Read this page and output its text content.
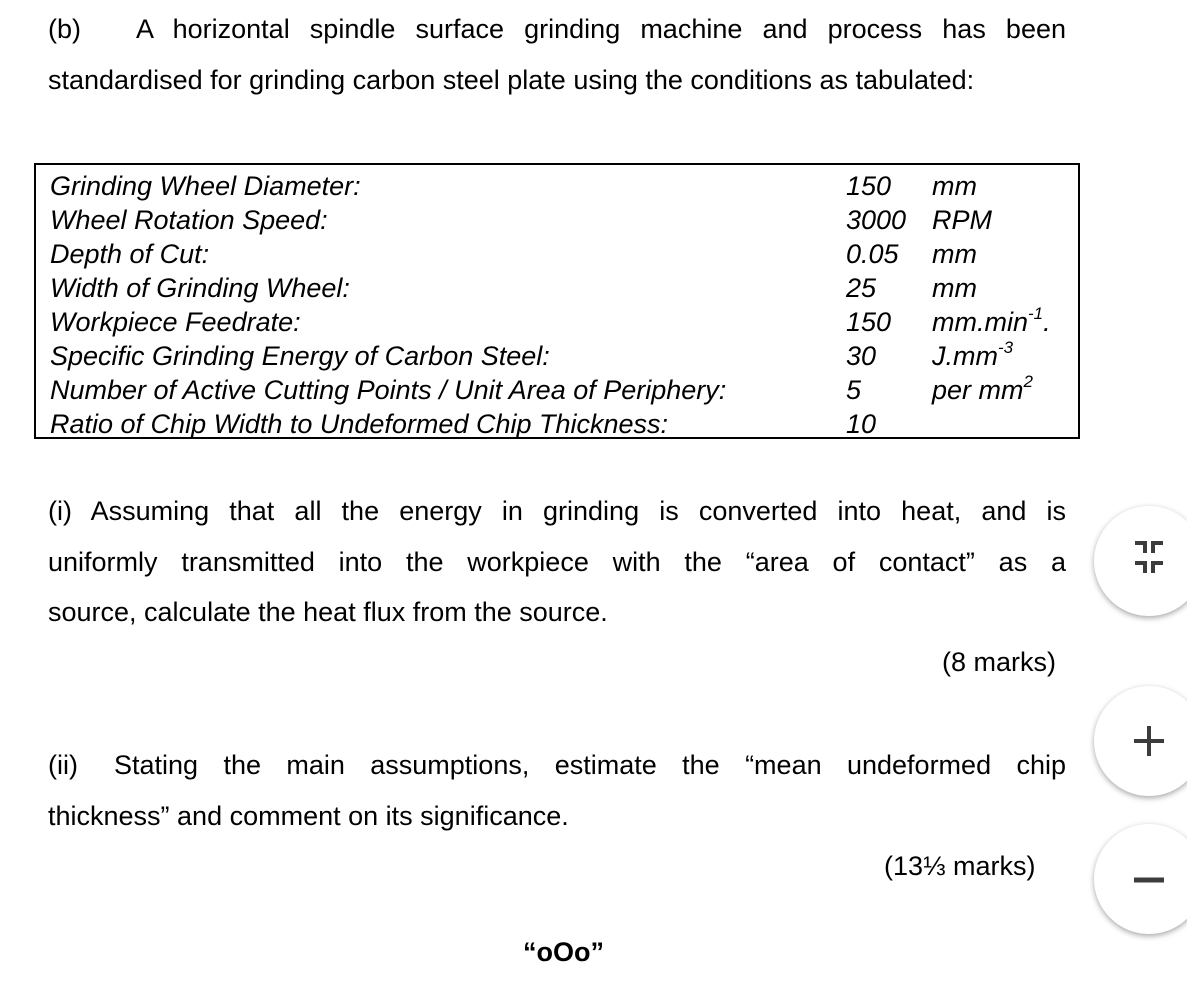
(b) A horizontal spindle surface grinding machine and process has been
standardised for grinding carbon steel plate using the conditions as tabulated:
Grinding Wheel Diameter:	150 mm
Wheel Rotation Speed:	3000 RPM
Depth of Cut:	0.05 mm
Width of Grinding Wheel:	25 mm
Workpiece Feedrate:	150 $mm.\min^{-1}$.
Specific Grinding Energy of Carbon Steel:	30 $J.mm^{-3}$
Number of Active Cutting Points / Unit Area of Periphery:	5	per $mm^2$
Ratio of Chip Width to Undeformed Chip Thickness:	10
(i) Assuming that all the energy in grinding is converted into heat, and is
uniformly transmitted into the workpiece with the “area of contact” as a
source, calculate the heat flux from the source.
(8 marks)
(ii) Stating the main assumptions, estimate the “mean undeformed chip
thickness” and comment on its significance.
(13⅓ marks)
“oOo”
